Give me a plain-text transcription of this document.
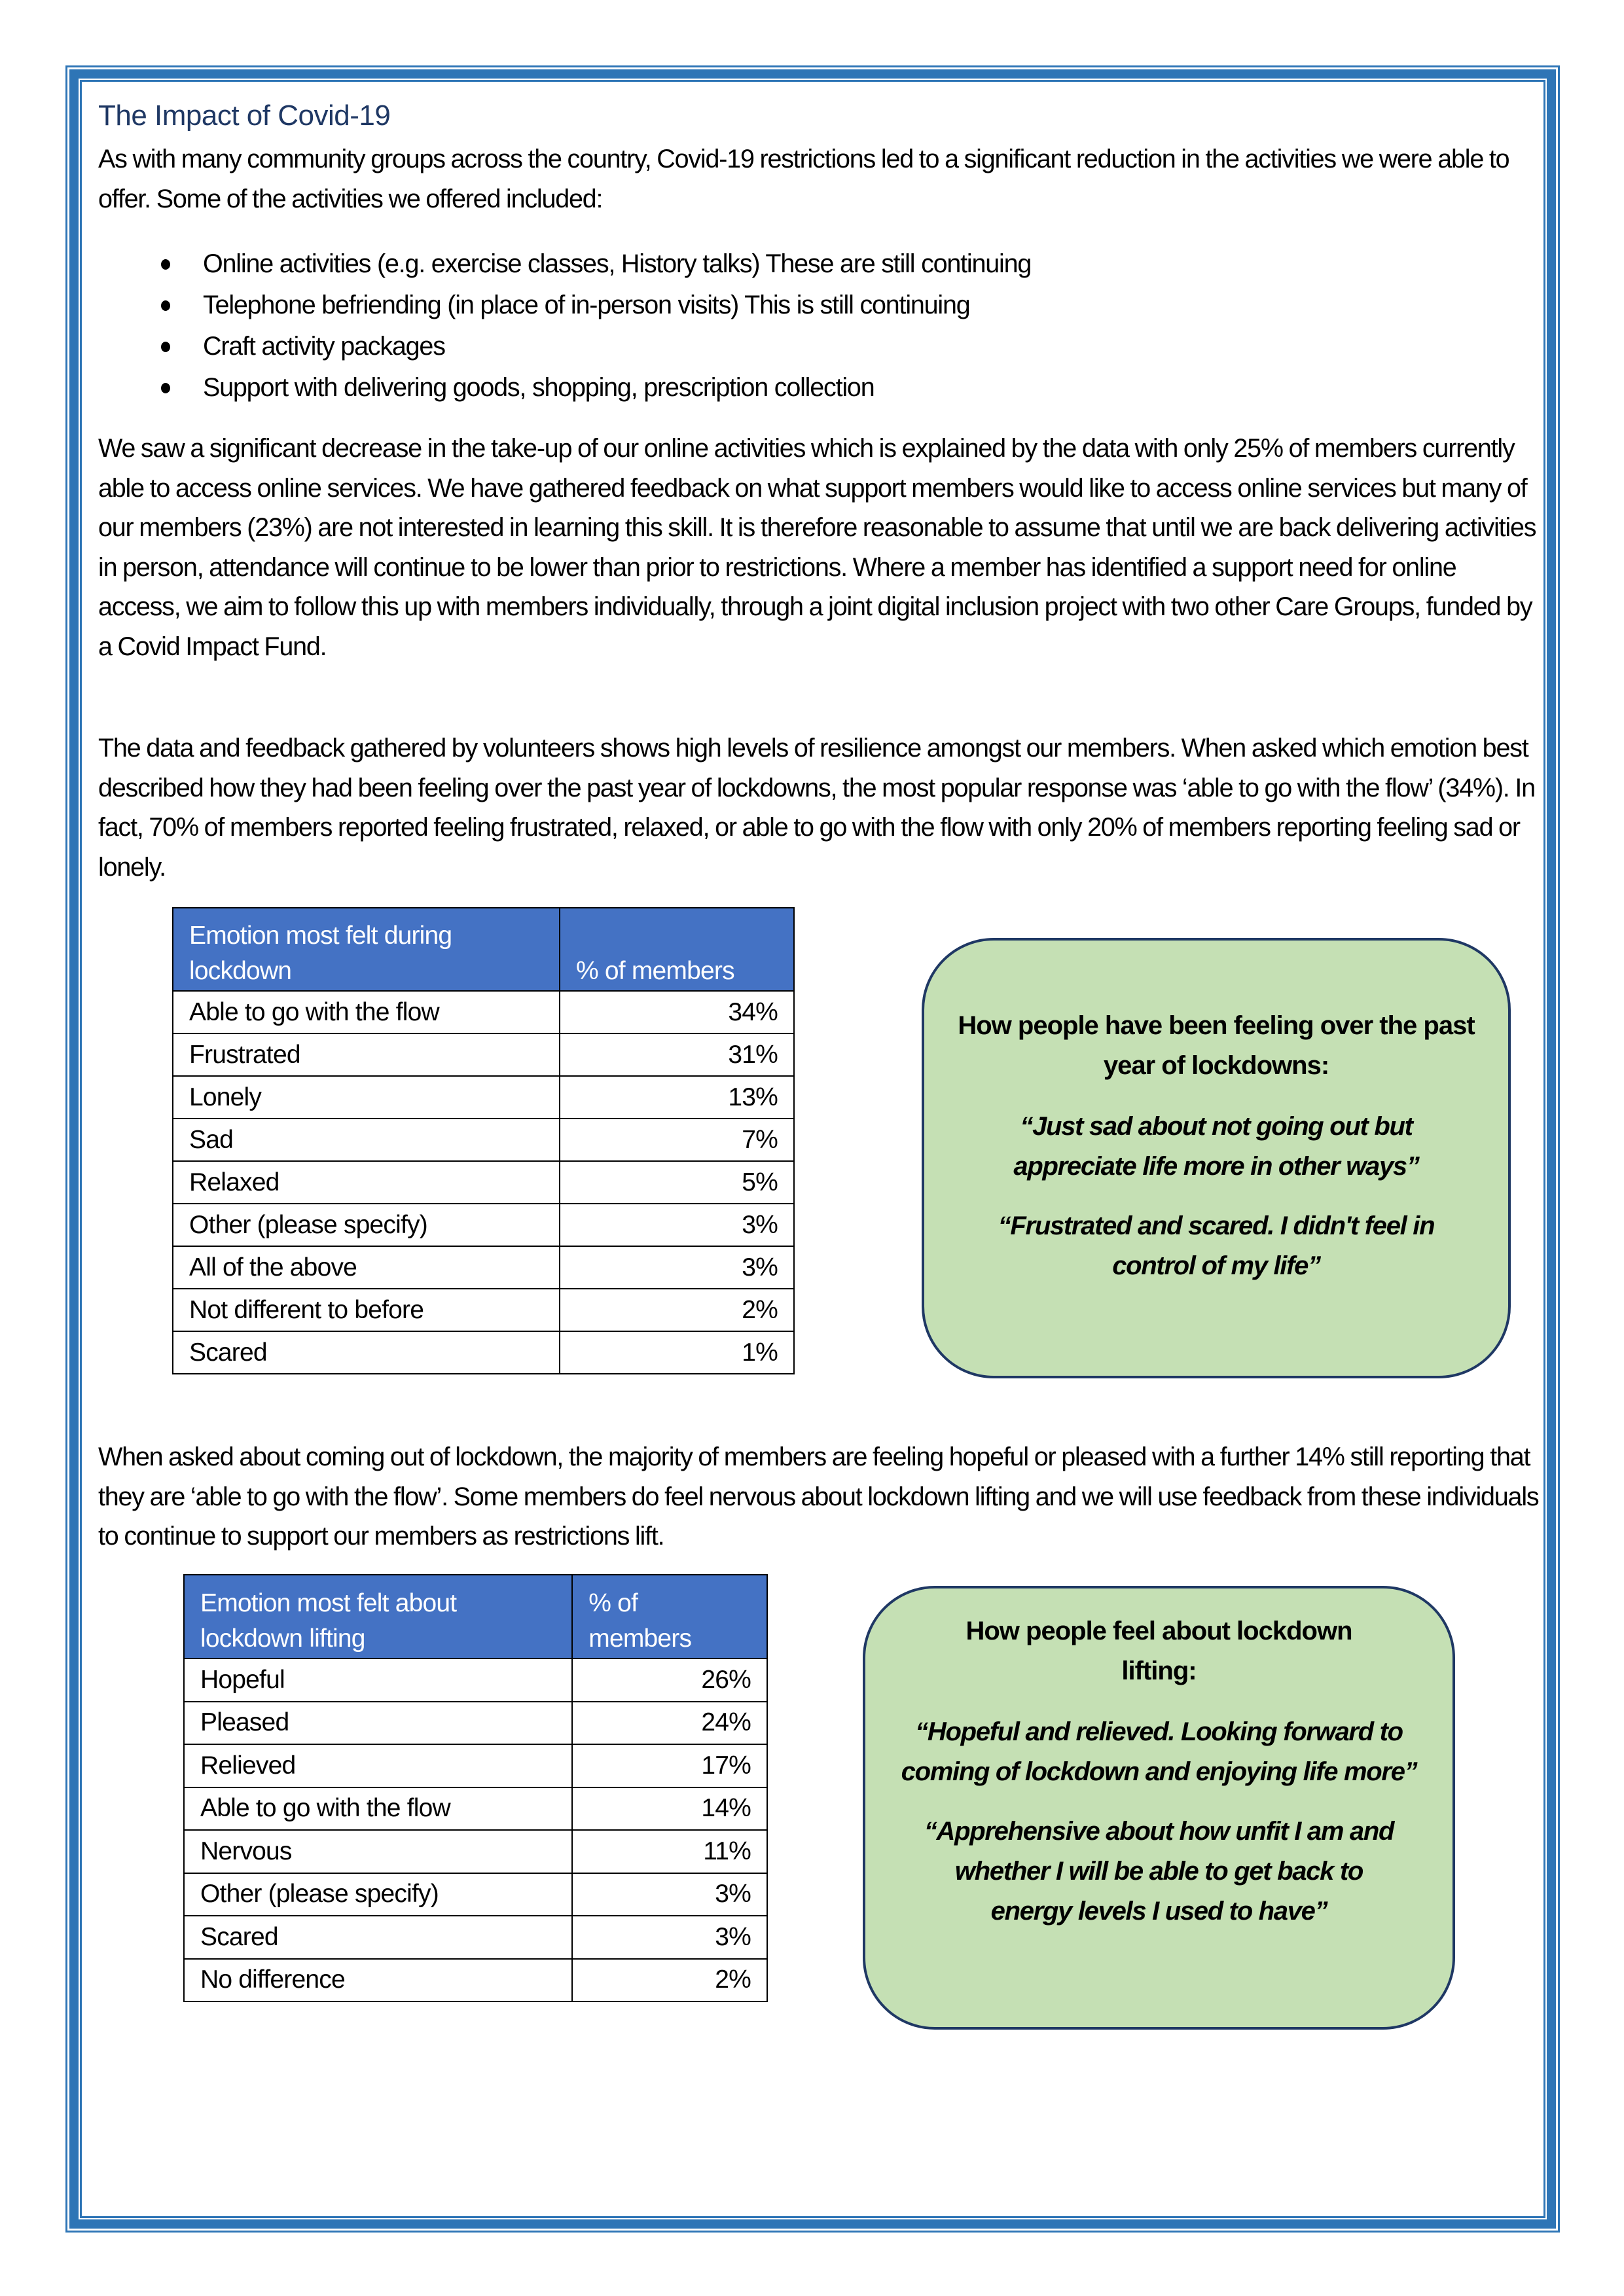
The Impact of Covid-19

As with many community groups across the country, Covid-19 restrictions led to a significant reduction in the activities we were able to offer. Some of the activities we offered included:

Online activities (e.g. exercise classes, History talks) These are still continuing
Telephone befriending (in place of in-person visits) This is still continuing
Craft activity packages
Support with delivering goods, shopping, prescription collection

We saw a significant decrease in the take-up of our online activities which is explained by the data with only 25% of members currently able to access online services. We have gathered feedback on what support members would like to access online services but many of our members (23%) are not interested in learning this skill. It is therefore reasonable to assume that until we are back delivering activities in person, attendance will continue to be lower than prior to restrictions. Where a member has identified a support need for online access, we aim to follow this up with members individually, through a joint digital inclusion project with two other Care Groups, funded by a Covid Impact Fund.

The data and feedback gathered by volunteers shows high levels of resilience amongst our members. When asked which emotion best described how they had been feeling over the past year of lockdowns, the most popular response was ‘able to go with the flow’ (34%). In fact, 70% of members reported feeling frustrated, relaxed, or able to go with the flow with only 20% of members reporting feeling sad or lonely.

Emotion most felt during lockdown	% of members
Able to go with the flow	34%
Frustrated	31%
Lonely	13%
Sad	7%
Relaxed	5%
Other (please specify)	3%
All of the above	3%
Not different to before	2%
Scared	1%
How people have been feeling over the past year of lockdowns:

“Just sad about not going out but appreciate life more in other ways”

“Frustrated and scared. I didn't feel in control of my life”

When asked about coming out of lockdown, the majority of members are feeling hopeful or pleased with a further 14% still reporting that they are ‘able to go with the flow’. Some members do feel nervous about lockdown lifting and we will use feedback from these individuals to continue to support our members as restrictions lift.

Emotion most felt about lockdown lifting	% of members
Hopeful	26%
Pleased	24%
Relieved	17%
Able to go with the flow	14%
Nervous	11%
Other (please specify)	3%
Scared	3%
No difference	2%
How people feel about lockdown lifting:

“Hopeful and relieved. Looking forward to coming of lockdown and enjoying life more”

“Apprehensive about how unfit I am and whether I will be able to get back to energy levels I used to have”
